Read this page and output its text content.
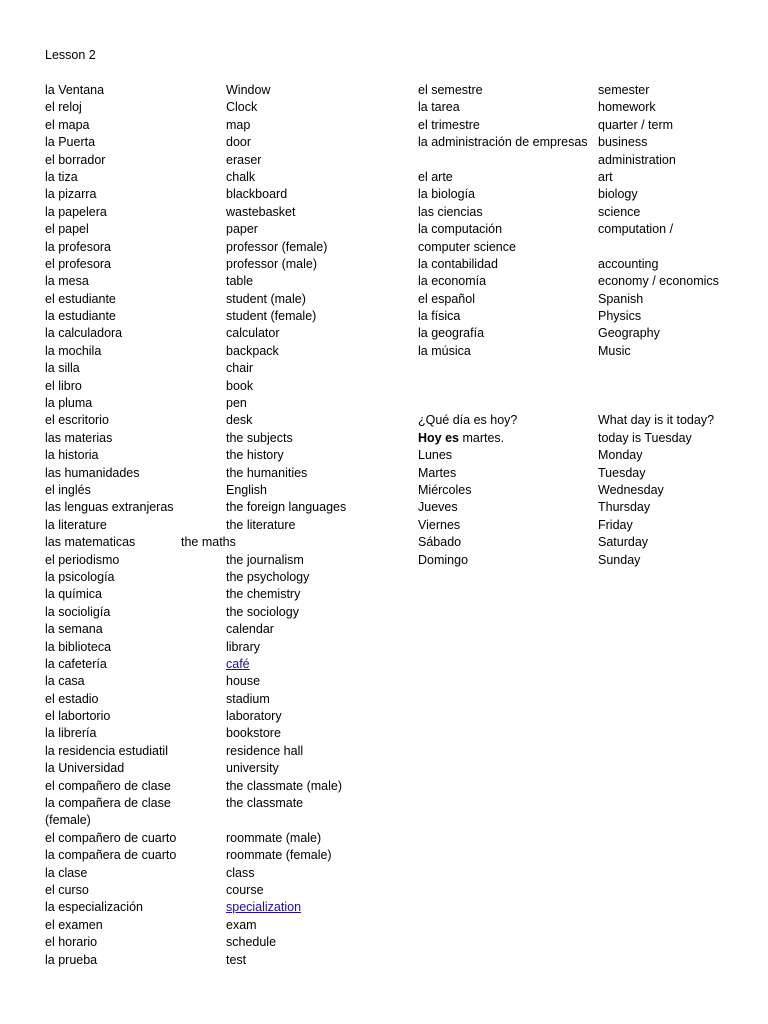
Lesson 2
la Ventana
el reloj
el mapa
la Puerta
el borrador
la tiza
la pizarra
la papelera
el papel
la profesora
el profesora
la mesa
el estudiante
la estudiante
la calculadora
la mochila
la silla
el libro
la pluma
el escritorio
las materias
la historia
las humanidades
el inglés
las lenguas extranjeras
la literature
las matematicas
el periodismo
la psicología
la química
la socioligía
la semana
la biblioteca
la cafetería
la casa
el estadio
el labortorio
la librería
la residencia estudiatil
la Universidad
el compañero de clase
la compañera de clase
(female)
el compañero de cuarto
la compañera de cuarto
la clase
el curso
la especialización
el examen
el horario
la prueba
Window
Clock
map
door
eraser
chalk
blackboard
wastebasket
paper
professor (female)
professor (male)
table
student (male)
student (female)
calculator
backpack
chair
book
pen
desk
the subjects
the history
the humanities
English
the foreign languages
the literature
the maths
the journalism
the psychology
the chemistry
the sociology
calendar
library
café
house
stadium
laboratory
bookstore
residence hall
university
the classmate (male)
the classmate
roommate (male)
roommate (female)
class
course
specialization
exam
schedule
test
el semestre
la tarea
el trimestre
la administración de empresas
el arte
la biología
las ciencias
la computación
computer science
la contabilidad
la economía
el español
la física
la geografía
la música
¿Qué día es hoy?
Hoy es martes.
Lunes
Martes
Miércoles
Jueves
Viernes
Sábado
Domingo
semester
homework
quarter / term
business
administration
art
biology
science
computation /
accounting
economy / economics
Spanish
Physics
Geography
Music
What day is it today?
today is Tuesday
Monday
Tuesday
Wednesday
Thursday
Friday
Saturday
Sunday
